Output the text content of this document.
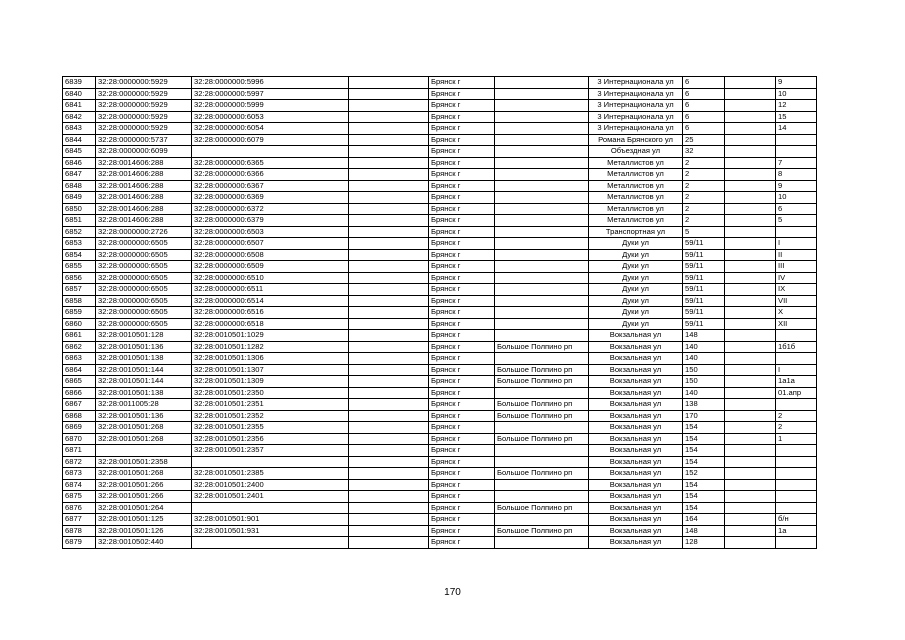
6839	32:28:0000000:5929	32:28:0000000:5996		Брянск г		3 Интернационала ул	6		9
6840	32:28:0000000:5929	32:28:0000000:5997		Брянск г		3 Интернационала ул	6		10
6841	32:28:0000000:5929	32:28:0000000:5999		Брянск г		3 Интернационала ул	6		12
6842	32:28:0000000:5929	32:28:0000000:6053		Брянск г		3 Интернационала ул	6		15
6843	32:28:0000000:5929	32:28:0000000:6054		Брянск г		3 Интернационала ул	6		14
6844	32:28:0000000:5737	32:28:0000000:6079		Брянск г		Романа Брянского ул	25		
6845	32:28:0000000:6099			Брянск г		Объездная ул	32		
6846	32:28:0014606:288	32:28:0000000:6365		Брянск г		Металлистов ул	2		7
6847	32:28:0014606:288	32:28:0000000:6366		Брянск г		Металлистов ул	2		8
6848	32:28:0014606:288	32:28:0000000:6367		Брянск г		Металлистов ул	2		9
6849	32:28:0014606:288	32:28:0000000:6369		Брянск г		Металлистов ул	2		10
6850	32:28:0014606:288	32:28:0000000:6372		Брянск г		Металлистов ул	2		6
6851	32:28:0014606:288	32:28:0000000:6379		Брянск г		Металлистов ул	2		5
6852	32:28:0000000:2726	32:28:0000000:6503		Брянск г		Транспортная ул	5		
6853	32:28:0000000:6505	32:28:0000000:6507		Брянск г		Дуки ул	59/11		I
6854	32:28:0000000:6505	32:28:0000000:6508		Брянск г		Дуки ул	59/11		II
6855	32:28:0000000:6505	32:28:0000000:6509		Брянск г		Дуки ул	59/11		III
6856	32:28:0000000:6505	32:28:0000000:6510		Брянск г		Дуки ул	59/11		IV
6857	32:28:0000000:6505	32:28:0000000:6511		Брянск г		Дуки ул	59/11		IX
6858	32:28:0000000:6505	32:28:0000000:6514		Брянск г		Дуки ул	59/11		VII
6859	32:28:0000000:6505	32:28:0000000:6516		Брянск г		Дуки ул	59/11		X
6860	32:28:0000000:6505	32:28:0000000:6518		Брянск г		Дуки ул	59/11		XII
6861	32:28:0010501:128	32:28:0010501:1029		Брянск г		Вокзальная ул	148		
6862	32:28:0010501:136	32:28:0010501:1282		Брянск г	Большое Полпино рп	Вокзальная ул	140		1б1б
6863	32:28:0010501:138	32:28:0010501:1306		Брянск г		Вокзальная ул	140		
6864	32:28:0010501:144	32:28:0010501:1307		Брянск г	Большое Полпино рп	Вокзальная ул	150		I
6865	32:28:0010501:144	32:28:0010501:1309		Брянск г	Большое Полпино рп	Вокзальная ул	150		1а1а
6866	32:28:0010501:138	32:28:0010501:2350		Брянск г		Вокзальная ул	140		01.апр
6867	32:28:0011005:28	32:28:0010501:2351		Брянск г	Большое Полпино рп	Вокзальная ул	138		
6868	32:28:0010501:136	32:28:0010501:2352		Брянск г	Большое Полпино рп	Вокзальная ул	170		2
6869	32:28:0010501:268	32:28:0010501:2355		Брянск г		Вокзальная ул	154		2
6870	32:28:0010501:268	32:28:0010501:2356		Брянск г	Большое Полпино рп	Вокзальная ул	154		1
6871		32:28:0010501:2357		Брянск г		Вокзальная ул	154		
6872	32:28:0010501:2358			Брянск г		Вокзальная ул	154		
6873	32:28:0010501:268	32:28:0010501:2385		Брянск г	Большое Полпино рп	Вокзальная ул	152		
6874	32:28:0010501:266	32:28:0010501:2400		Брянск г		Вокзальная ул	154		
6875	32:28:0010501:266	32:28:0010501:2401		Брянск г		Вокзальная ул	154		
6876	32:28:0010501:264			Брянск г	Большое Полпино рп	Вокзальная ул	154		
6877	32:28:0010501:125	32:28:0010501:901		Брянск г		Вокзальная ул	164		б/н
6878	32:28:0010501:126	32:28:0010501:931		Брянск г	Большое Полпино рп	Вокзальная ул	148		1а
6879	32:28:0010502:440			Брянск г		Вокзальная ул	128		
170
